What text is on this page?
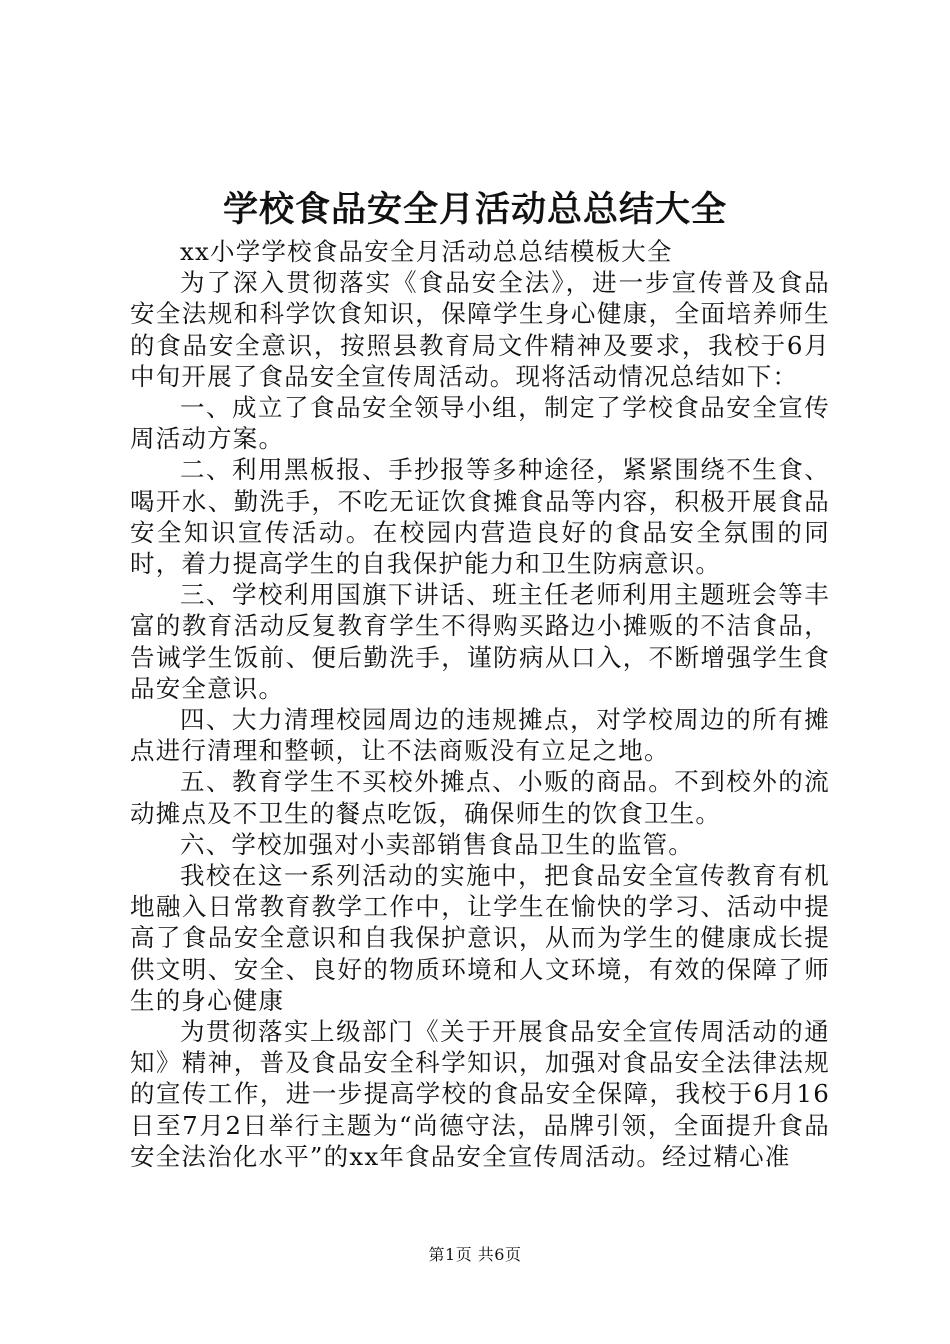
学校食品安全月活动总总结大全

xx小学学校食品安全月活动总总结模板大全

为了深入贯彻落实《食品安全法》，进一步宣传普及食品安全法规和科学饮食知识，保障学生身心健康，全面培养师生的食品安全意识，按照县教育局文件精神及要求，我校于6月中旬开展了食品安全宣传周活动。现将活动情况总结如下：

一、成立了食品安全领导小组，制定了学校食品安全宣传周活动方案。

二、利用黑板报、手抄报等多种途径，紧紧围绕不生食、喝开水、勤洗手，不吃无证饮食摊食品等内容，积极开展食品安全知识宣传活动。在校园内营造良好的食品安全氛围的同时，着力提高学生的自我保护能力和卫生防病意识。

三、学校利用国旗下讲话、班主任老师利用主题班会等丰富的教育活动反复教育学生不得购买路边小摊贩的不洁食品，告诫学生饭前、便后勤洗手，谨防病从口入，不断增强学生食品安全意识。

四、大力清理校园周边的违规摊点，对学校周边的所有摊点进行清理和整顿，让不法商贩没有立足之地。

五、教育学生不买校外摊点、小贩的商品。不到校外的流动摊点及不卫生的餐点吃饭，确保师生的饮食卫生。

六、学校加强对小卖部销售食品卫生的监管。

我校在这一系列活动的实施中，把食品安全宣传教育有机地融入日常教育教学工作中，让学生在愉快的学习、活动中提高了食品安全意识和自我保护意识，从而为学生的健康成长提供文明、安全、良好的物质环境和人文环境，有效的保障了师生的身心健康

为贯彻落实上级部门《关于开展食品安全宣传周活动的通知》精神，普及食品安全科学知识，加强对食品安全法律法规的宣传工作，进一步提高学校的食品安全保障，我校于6月16日至7月2日举行主题为“尚德守法，品牌引领，全面提升食品安全法治化水平”的xx年食品安全宣传周活动。经过精心准

第1页 共6页
